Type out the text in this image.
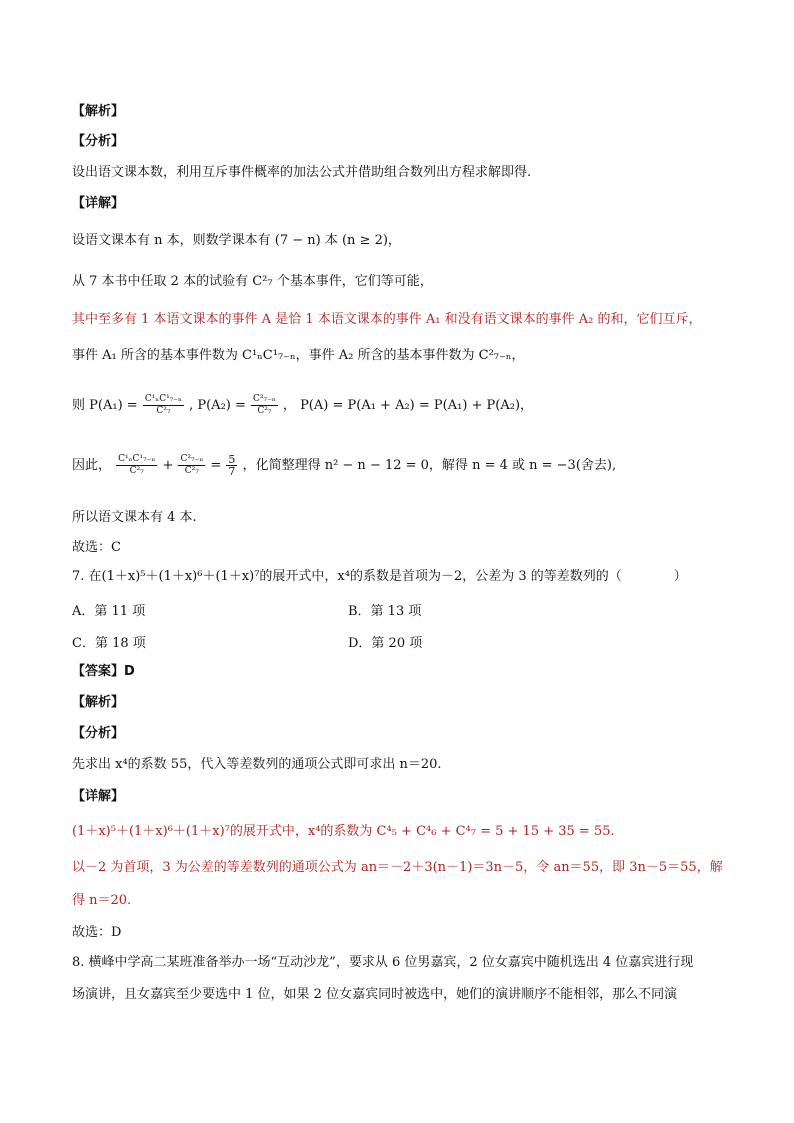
【解析】
【分析】
设出语文课本数，利用互斥事件概率的加法公式并借助组合数列出方程求解即得.
【详解】
设语文课本有 n 本，则数学课本有 (7 − n) 本 (n ≥ 2)，
从 7 本书中任取 2 本的试验有 C²₇ 个基本事件，它们等可能，
其中至多有 1 本语文课本的事件 A 是恰 1 本语文课本的事件 A₁ 和没有语文课本的事件 A₂ 的和，它们互斥，
事件 A₁ 所含的基本事件数为 C¹ₙC¹₇₋ₙ，事件 A₂ 所含的基本事件数为 C²₇₋ₙ，
则 $P(A_1) = \frac{\text{C¹ₙC¹₇₋ₙ}}{\text{C²₇}}$ , $P(A_2) = \frac{\text{C²₇₋ₙ}}{\text{C²₇}}$ ， P(A) = P(A₁ + A₂) = P(A₁) + P(A₂)，
因此， $\frac{\text{C¹ₙC¹₇₋ₙ}}{\text{C²₇}} + \frac{\text{C²₇₋ₙ}}{\text{C²₇}} = \frac{5}{7}$ ，化简整理得 n² − n − 12 = 0，解得 n = 4 或 n = −3(舍去),
所以语文课本有 4 本.
故选：C
7. 在(1＋x)⁵＋(1＋x)⁶＋(1＋x)⁷的展开式中，x⁴的系数是首项为－2，公差为 3 的等差数列的（	）
A．第 11 项	B．第 13 项
C．第 18 项	D．第 20 项
【答案】D
【解析】
【分析】
先求出 x⁴的系数 55，代入等差数列的通项公式即可求出 n＝20.
【详解】
(1＋x)⁵＋(1＋x)⁶＋(1＋x)⁷的展开式中，x⁴的系数为 C⁴₅ + C⁴₆ + C⁴₇ = 5 + 15 + 35 = 55.
以－2 为首项，3 为公差的等差数列的通项公式为 an＝－2＋3(n－1)＝3n－5，令 an＝55，即 3n－5＝55，解
得 n＝20.
故选：D
8. 横峰中学高二某班准备举办一场“互动沙龙”，要求从 6 位男嘉宾，2 位女嘉宾中随机选出 4 位嘉宾进行现
场演讲，且女嘉宾至少要选中 1 位，如果 2 位女嘉宾同时被选中，她们的演讲顺序不能相邻，那么不同演
